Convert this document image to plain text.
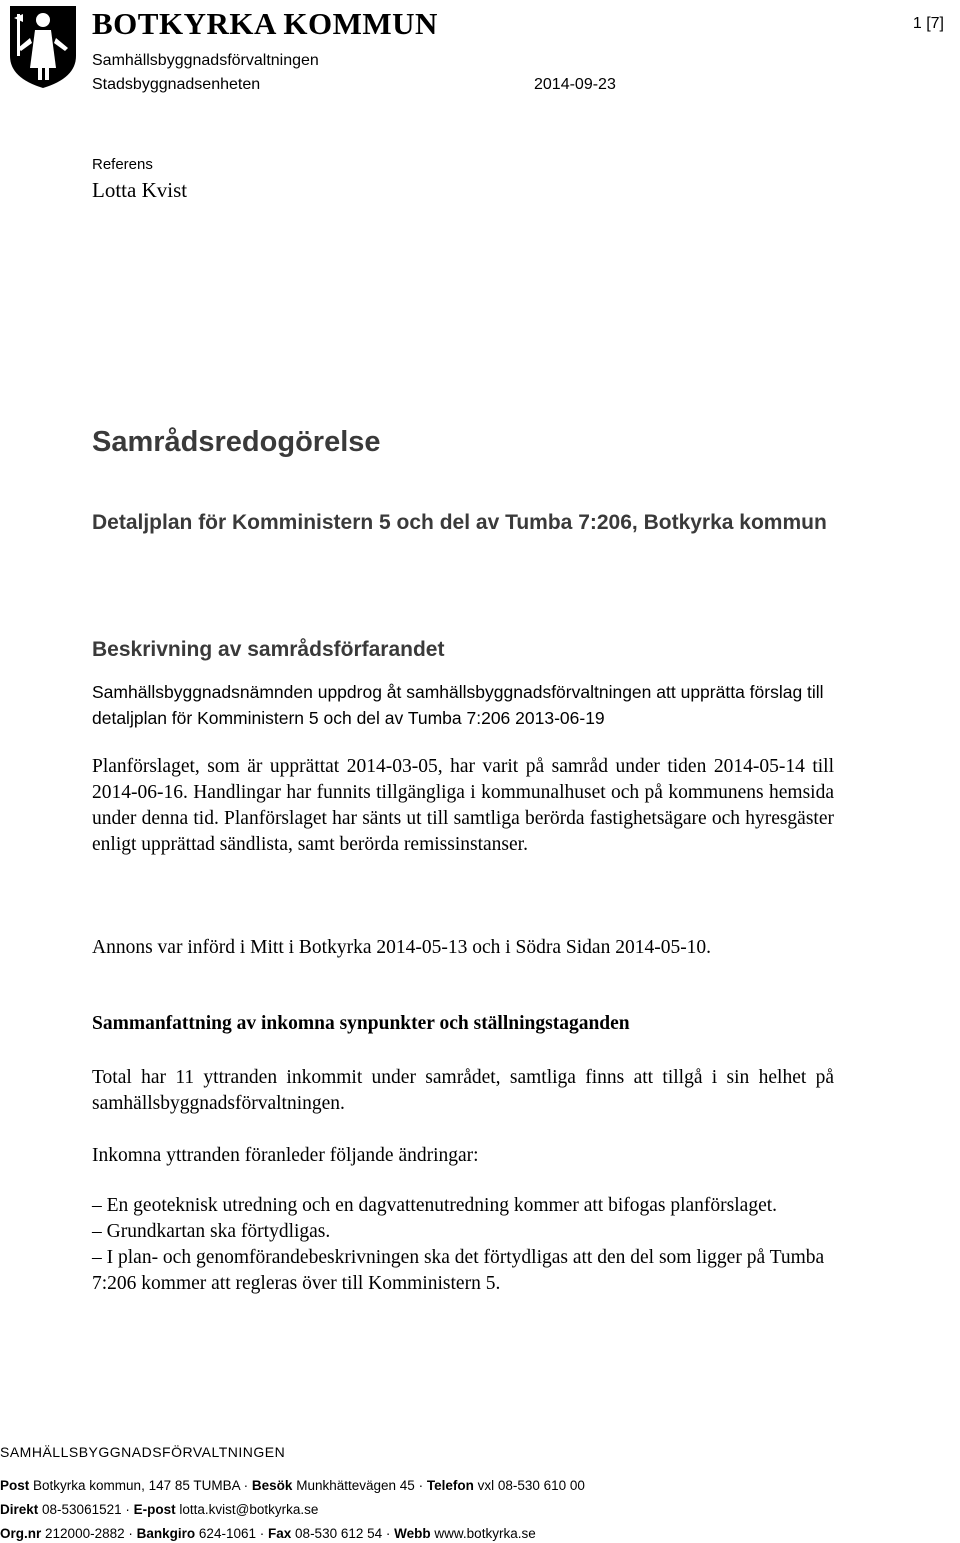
BOTKYRKA KOMMUN
Samhällsbyggnadsförvaltningen
Stadsbyggnadsenheten	2014-09-23
1 [7]
Referens
Lotta Kvist
Samrådsredogörelse
Detaljplan för Komministern 5 och del av Tumba 7:206, Botkyrka kommun
Beskrivning av samrådsförfarandet

Samhällsbyggnadsnämnden uppdrog åt samhällsbyggnadsförvaltningen att upprätta förslag till detaljplan för Komministern 5 och del av Tumba 7:206 2013-06-19

Planförslaget, som är upprättat 2014-03-05, har varit på samråd under tiden 2014-05-14 till 2014-06-16. Handlingar har funnits tillgängliga i kommunalhuset och på kommunens hemsida under denna tid. Planförslaget har sänts ut till samtliga berörda fastighetsägare och hyresgäster enligt upprättad sändlista, samt berörda remissinstanser.

Annons var införd i Mitt i Botkyrka 2014-05-13 och i Södra Sidan 2014-05-10.

Sammanfattning av inkomna synpunkter och ställningstaganden

Total har 11 yttranden inkommit under samrådet, samtliga finns att tillgå i sin helhet på samhällsbyggnadsförvaltningen.

Inkomna yttranden föranleder följande ändringar:

– En geoteknisk utredning och en dagvattenutredning kommer att bifogas planförslaget.
– Grundkartan ska förtydligas.
– I plan- och genomförandebeskrivningen ska det förtydligas att den del som ligger på Tumba 7:206 kommer att regleras över till Komministern 5.
SAMHÄLLSBYGGNADSFÖRVALTNINGEN
Post Botkyrka kommun, 147 85 TUMBA · Besök Munkhättevägen 45 · Telefon vxl 08-530 610 00
Direkt 08-53061521 · E-post lotta.kvist@botkyrka.se
Org.nr 212000-2882 · Bankgiro 624-1061 · Fax 08-530 612 54 · Webb www.botkyrka.se
